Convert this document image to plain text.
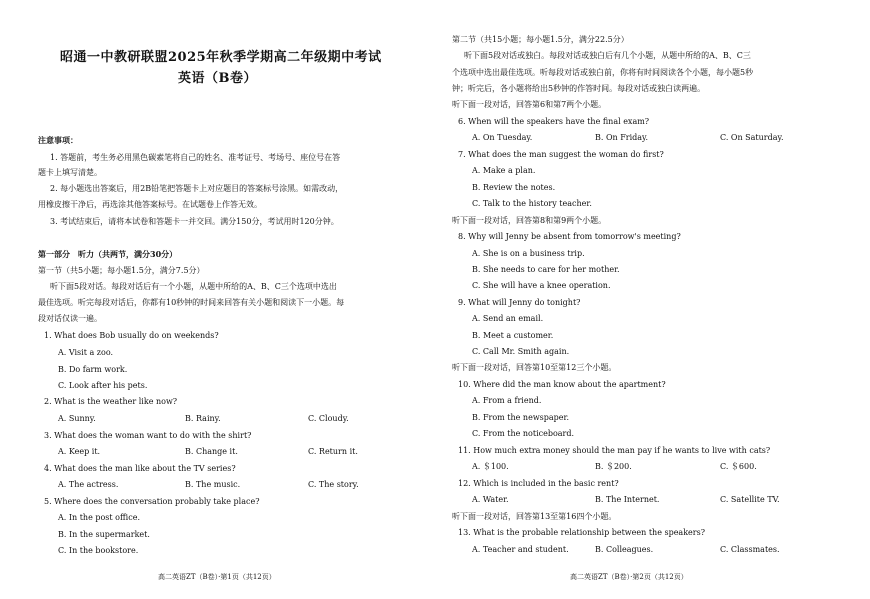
昭通一中教研联盟2025年秋季学期高二年级期中考试
英语（B卷）
注意事项：
1. 答题前，考生务必用黑色碳素笔将自己的姓名、准考证号、考场号、座位号在答
题卡上填写清楚。
2. 每小题选出答案后，用2B铅笔把答题卡上对应题目的答案标号涂黑。如需改动，
用橡皮擦干净后，再选涂其他答案标号。在试题卷上作答无效。
3. 考试结束后，请将本试卷和答题卡一并交回。满分150分，考试用时120分钟。
第一部分　听力（共两节，满分30分）
第一节（共5小题；每小题1.5分，满分7.5分）
听下面5段对话。每段对话后有一个小题，从题中所给的A、B、C三个选项中选出
最佳选项。听完每段对话后，你都有10秒钟的时间来回答有关小题和阅读下一小题。每
段对话仅读一遍。
1. What does Bob usually do on weekends?
A. Visit a zoo.
B. Do farm work.
C. Look after his pets.
2. What is the weather like now?
A. Sunny.	B. Rainy.	C. Cloudy.
3. What does the woman want to do with the shirt?
A. Keep it.	B. Change it.	C. Return it.
4. What does the man like about the TV series?
A. The actress.	B. The music.	C. The story.
5. Where does the conversation probably take place?
A. In the post office.
B. In the supermarket.
C. In the bookstore.
高二英语ZT（B卷）·第1页（共12页）
第二节（共15小题；每小题1.5分，满分22.5分）
听下面5段对话或独白。每段对话或独白后有几个小题，从题中所给的A、B、C三
个选项中选出最佳选项。听每段对话或独白前，你将有时间阅读各个小题，每小题5秒
钟；听完后，各小题将给出5秒钟的作答时间。每段对话或独白读两遍。
听下面一段对话，回答第6和第7两个小题。
6. When will the speakers have the final exam?
A. On Tuesday.	B. On Friday.	C. On Saturday.
7. What does the man suggest the woman do first?
A. Make a plan.
B. Review the notes.
C. Talk to the history teacher.
听下面一段对话，回答第8和第9两个小题。
8. Why will Jenny be absent from tomorrow's meeting?
A. She is on a business trip.
B. She needs to care for her mother.
C. She will have a knee operation.
9. What will Jenny do tonight?
A. Send an email.
B. Meet a customer.
C. Call Mr. Smith again.
听下面一段对话，回答第10至第12三个小题。
10. Where did the man know about the apartment?
A. From a friend.
B. From the newspaper.
C. From the noticeboard.
11. How much extra money should the man pay if he wants to live with cats?
A. ＄100.	B. ＄200.	C. ＄600.
12. Which is included in the basic rent?
A. Water.	B. The Internet.	C. Satellite TV.
听下面一段对话，回答第13至第16四个小题。
13. What is the probable relationship between the speakers?
A. Teacher and student.	B. Colleagues.	C. Classmates.
高二英语ZT（B卷）·第2页（共12页）
